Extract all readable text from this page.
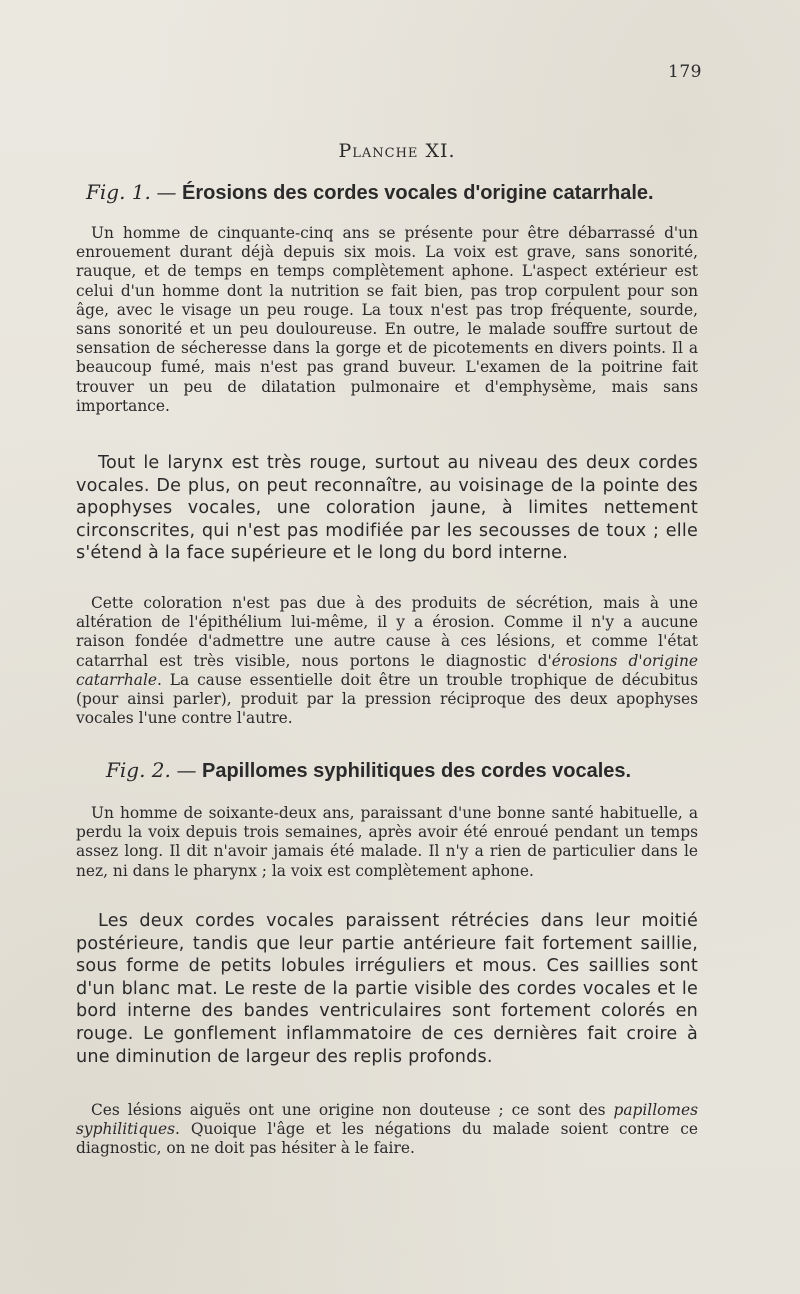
179
Planche XI.
Fig. 1. — Érosions des cordes vocales d'origine catarrhale.

Un homme de cinquante-cinq ans se présente pour être débarrassé d'un enrouement durant déjà depuis six mois. La voix est grave, sans sonorité, rauque, et de temps en temps complètement aphone. L'aspect extérieur est celui d'un homme dont la nutrition se fait bien, pas trop corpulent pour son âge, avec le visage un peu rouge. La toux n'est pas trop fréquente, sourde, sans sonorité et un peu douloureuse. En outre, le malade souffre surtout de sensation de sécheresse dans la gorge et de picotements en divers points. Il a beaucoup fumé, mais n'est pas grand buveur. L'examen de la poitrine fait trouver un peu de dilatation pulmonaire et d'emphysème, mais sans importance.

Tout le larynx est très rouge, surtout au niveau des deux cordes vocales. De plus, on peut reconnaître, au voisinage de la pointe des apophyses vocales, une coloration jaune, à limites nettement circonscrites, qui n'est pas modifiée par les secousses de toux ; elle s'étend à la face supérieure et le long du bord interne.

Cette coloration n'est pas due à des produits de sécrétion, mais à une altération de l'épithélium lui-même, il y a érosion. Comme il n'y a aucune raison fondée d'admettre une autre cause à ces lésions, et comme l'état catarrhal est très visible, nous portons le diagnostic d'érosions d'origine catarrhale. La cause essentielle doit être un trouble trophique de décubitus (pour ainsi parler), produit par la pression réciproque des deux apophyses vocales l'une contre l'autre.

Fig. 2. — Papillomes syphilitiques des cordes vocales.

Un homme de soixante-deux ans, paraissant d'une bonne santé habituelle, a perdu la voix depuis trois semaines, après avoir été enroué pendant un temps assez long. Il dit n'avoir jamais été malade. Il n'y a rien de particulier dans le nez, ni dans le pharynx ; la voix est complètement aphone.

Les deux cordes vocales paraissent rétrécies dans leur moitié postérieure, tandis que leur partie antérieure fait fortement saillie, sous forme de petits lobules irréguliers et mous. Ces saillies sont d'un blanc mat. Le reste de la partie visible des cordes vocales et le bord interne des bandes ventriculaires sont fortement colorés en rouge. Le gonflement inflammatoire de ces dernières fait croire à une diminution de largeur des replis profonds.

Ces lésions aiguës ont une origine non douteuse ; ce sont des papillomes syphilitiques. Quoique l'âge et les négations du malade soient contre ce diagnostic, on ne doit pas hésiter à le faire.
